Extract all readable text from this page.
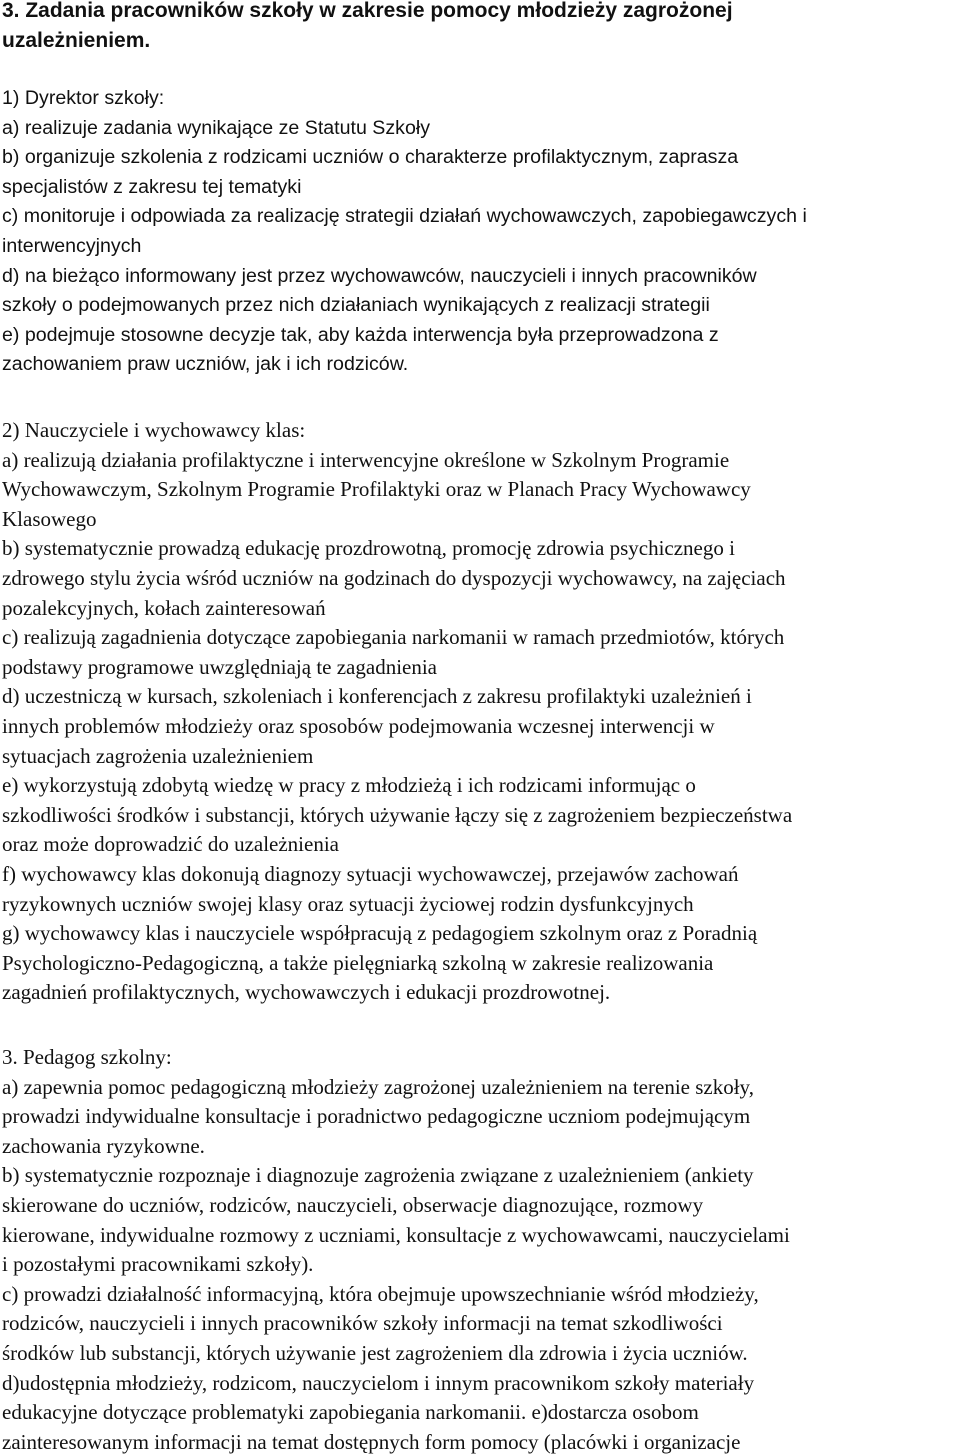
3. Zadania pracowników szkoły w zakresie pomocy młodzieży zagrożonej
uzależnieniem.
1) Dyrektor szkoły:
a) realizuje zadania wynikające ze Statutu Szkoły
b) organizuje szkolenia z rodzicami uczniów o charakterze profilaktycznym, zaprasza
specjalistów z zakresu tej tematyki
c) monitoruje i odpowiada za realizację strategii działań wychowawczych, zapobiegawczych i
interwencyjnych
d) na bieżąco informowany jest przez wychowawców, nauczycieli i innych pracowników
szkoły o podejmowanych przez nich działaniach wynikających z realizacji strategii
e) podejmuje stosowne decyzje tak, aby każda interwencja była przeprowadzona z
zachowaniem praw uczniów, jak i ich rodziców.
2) Nauczyciele i wychowawcy klas:
a) realizują działania profilaktyczne i interwencyjne określone w Szkolnym Programie
Wychowawczym, Szkolnym Programie Profilaktyki oraz w Planach Pracy Wychowawcy
Klasowego
b) systematycznie prowadzą edukację prozdrowotną, promocję zdrowia psychicznego i
zdrowego stylu życia wśród uczniów na godzinach do dyspozycji wychowawcy, na zajęciach
pozalekcyjnych, kołach zainteresowań
c) realizują zagadnienia dotyczące zapobiegania narkomanii w ramach przedmiotów, których
podstawy programowe uwzględniają te zagadnienia
d) uczestniczą w kursach, szkoleniach i konferencjach z zakresu profilaktyki uzależnień i
innych problemów młodzieży oraz sposobów podejmowania wczesnej interwencji w
sytuacjach zagrożenia uzależnieniem
e) wykorzystują zdobytą wiedzę w pracy z młodzieżą i ich rodzicami informując o
szkodliwości środków i substancji, których używanie łączy się z zagrożeniem bezpieczeństwa
oraz może doprowadzić do uzależnienia
f) wychowawcy klas dokonują diagnozy sytuacji wychowawczej, przejawów zachowań
ryzykownych uczniów swojej klasy oraz sytuacji życiowej rodzin dysfunkcyjnych
g) wychowawcy klas i nauczyciele współpracują z pedagogiem szkolnym oraz z Poradnią
Psychologiczno-Pedagogiczną, a także pielęgniarką szkolną w zakresie realizowania
zagadnień profilaktycznych, wychowawczych i edukacji prozdrowotnej.
3. Pedagog szkolny:
a) zapewnia pomoc pedagogiczną młodzieży zagrożonej uzależnieniem na terenie szkoły,
prowadzi indywidualne konsultacje i poradnictwo pedagogiczne uczniom podejmującym
zachowania ryzykowne.
b) systematycznie rozpoznaje i diagnozuje zagrożenia związane z uzależnieniem (ankiety
skierowane do uczniów, rodziców, nauczycieli, obserwacje diagnozujące, rozmowy
kierowane, indywidualne rozmowy z uczniami, konsultacje z wychowawcami, nauczycielami
i pozostałymi pracownikami szkoły).
c) prowadzi działalność informacyjną, która obejmuje upowszechnianie wśród młodzieży,
rodziców, nauczycieli i innych pracowników szkoły informacji na temat szkodliwości
środków lub substancji, których używanie jest zagrożeniem dla zdrowia i życia uczniów.
d)udostępnia młodzieży, rodzicom, nauczycielom i innym pracownikom szkoły materiały
edukacyjne dotyczące problematyki zapobiegania narkomanii. e)dostarcza osobom
zainteresowanym informacji na temat dostępnych form pomocy (placówki i organizacje
